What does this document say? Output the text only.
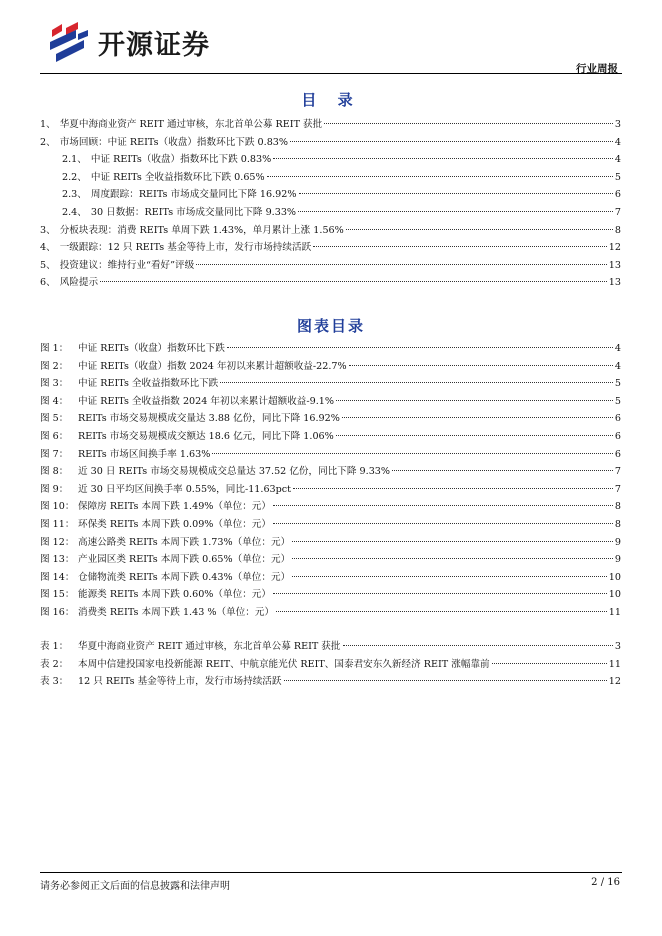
开源证券
行业周报
目 录
1、 华夏中海商业资产 REIT 通过审核，东北首单公募 REIT 获批	3
2、 市场回顾：中证 REITs（收盘）指数环比下跌 0.83%	4
2.1、 中证 REITs（收盘）指数环比下跌 0.83%	4
2.2、 中证 REITs 全收益指数环比下跌 0.65%	5
2.3、 周度跟踪：REITs 市场成交量同比下降 16.92%	6
2.4、 30 日数据：REITs 市场成交量同比下降 9.33%	7
3、 分板块表现：消费 REITs 单周下跌 1.43%，单月累计上涨 1.56%	8
4、 一级跟踪：12 只 REITs 基金等待上市，发行市场持续活跃	12
5、 投资建议：维持行业“看好”评级	13
6、 风险提示	13
图表目录
图 1：	中证 REITs（收盘）指数环比下跌	4
图 2：	中证 REITs（收盘）指数 2024 年初以来累计超额收益-22.7%	4
图 3：	中证 REITs 全收益指数环比下跌	5
图 4：	中证 REITs 全收益指数 2024 年初以来累计超额收益-9.1%	5
图 5：	REITs 市场交易规模成交量达 3.88 亿份，同比下降 16.92%	6
图 6：	REITs 市场交易规模成交额达 18.6 亿元，同比下降 1.06%	6
图 7：	REITs 市场区间换手率 1.63%	6
图 8：	近 30 日 REITs 市场交易规模成交总量达 37.52 亿份，同比下降 9.33%	7
图 9：	近 30 日平均区间换手率 0.55%，同比-11.63pct	7
图 10： 保障房 REITs 本周下跌 1.49%（单位：元）	8
图 11： 环保类 REITs 本周下跌 0.09%（单位：元）	8
图 12： 高速公路类 REITs 本周下跌 1.73%（单位：元）	9
图 13： 产业园区类 REITs 本周下跌 0.65%（单位：元）	9
图 14： 仓储物流类 REITs 本周下跌 0.43%（单位：元）	10
图 15： 能源类 REITs 本周下跌 0.60%（单位：元）	10
图 16： 消费类 REITs 本周下跌 1.43 %（单位：元）	11
表 1：	华夏中海商业资产 REIT 通过审核，东北首单公募 REIT 获批	3
表 2：	本周中信建投国家电投新能源 REIT、中航京能光伏 REIT、国泰君安东久新经济 REIT 涨幅靠前	11
表 3：	12 只 REITs 基金等待上市，发行市场持续活跃	12
请务必参阅正文后面的信息披露和法律声明	2 / 16
